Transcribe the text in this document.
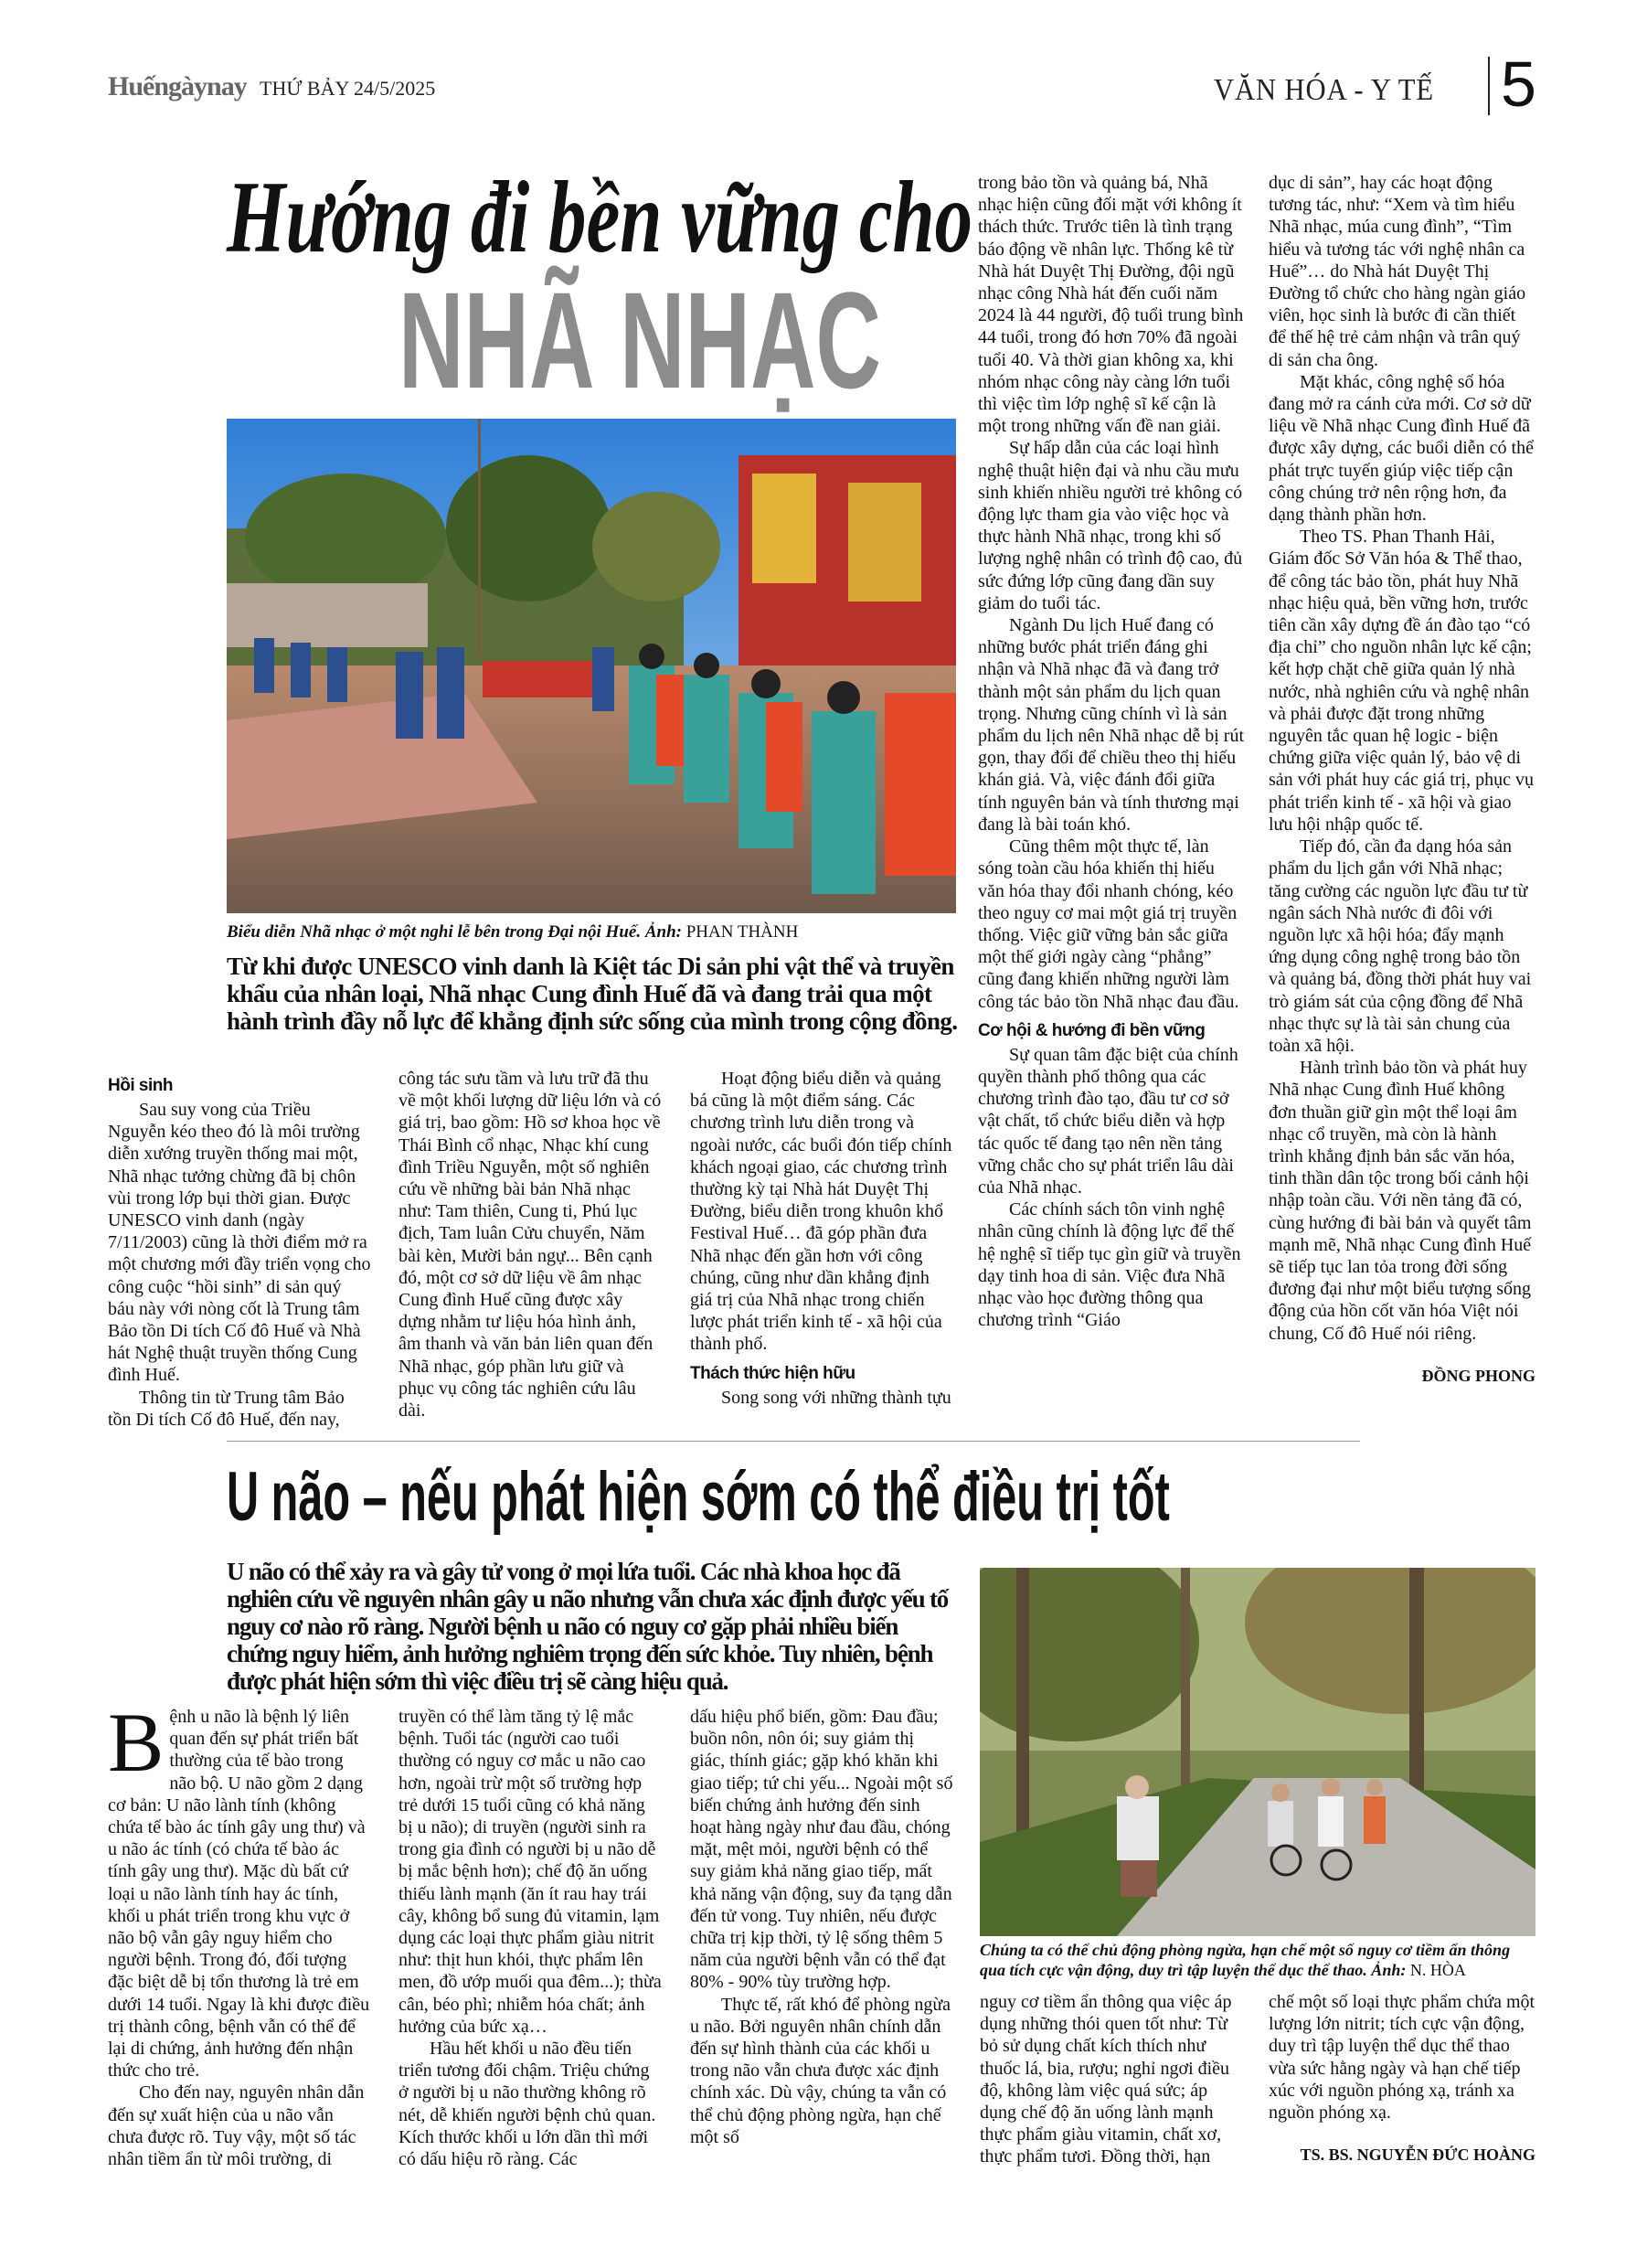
Huếngàynay THỨ BẢY 24/5/2025	VĂN HÓA - Y TẾ 5
Hướng đi bền vững cho
NHÃ NHẠC
Biểu diễn Nhã nhạc ở một nghi lễ bên trong Đại nội Huế. Ảnh: PHAN THÀNH
Từ khi được UNESCO vinh danh là Kiệt tác Di sản phi vật thể và truyền khẩu của nhân loại, Nhã nhạc Cung đình Huế đã và đang trải qua một hành trình đầy nỗ lực để khẳng định sức sống của mình trong cộng đồng.
Hồi sinh

Sau suy vong của Triều Nguyễn kéo theo đó là môi trường diễn xướng truyền thống mai một, Nhã nhạc tưởng chừng đã bị chôn vùi trong lớp bụi thời gian. Được UNESCO vinh danh (ngày 7/11/2003) cũng là thời điểm mở ra một chương mới đầy triển vọng cho công cuộc “hồi sinh” di sản quý báu này với nòng cốt là Trung tâm Bảo tồn Di tích Cố đô Huế và Nhà hát Nghệ thuật truyền thống Cung đình Huế.

Thông tin từ Trung tâm Bảo tồn Di tích Cố đô Huế, đến nay,

công tác sưu tầm và lưu trữ đã thu về một khối lượng dữ liệu lớn và có giá trị, bao gồm: Hồ sơ khoa học về Thái Bình cổ nhạc, Nhạc khí cung đình Triều Nguyễn, một số nghiên cứu về những bài bản Nhã nhạc như: Tam thiên, Cung ti, Phú lục địch, Tam luân Cửu chuyển, Năm bài kèn, Mười bản ngự... Bên cạnh đó, một cơ sở dữ liệu về âm nhạc Cung đình Huế cũng được xây dựng nhằm tư liệu hóa hình ảnh, âm thanh và văn bản liên quan đến Nhã nhạc, góp phần lưu giữ và phục vụ công tác nghiên cứu lâu dài.

Hoạt động biểu diễn và quảng bá cũng là một điểm sáng. Các chương trình lưu diễn trong và ngoài nước, các buổi đón tiếp chính khách ngoại giao, các chương trình thường kỳ tại Nhà hát Duyệt Thị Đường, biểu diễn trong khuôn khổ Festival Huế… đã góp phần đưa Nhã nhạc đến gần hơn với công chúng, cũng như dần khẳng định giá trị của Nhã nhạc trong chiến lược phát triển kinh tế - xã hội của thành phố.

Thách thức hiện hữu

Song song với những thành tựu

trong bảo tồn và quảng bá, Nhã nhạc hiện cũng đối mặt với không ít thách thức. Trước tiên là tình trạng báo động về nhân lực. Thống kê từ Nhà hát Duyệt Thị Đường, đội ngũ nhạc công Nhà hát đến cuối năm 2024 là 44 người, độ tuổi trung bình 44 tuổi, trong đó hơn 70% đã ngoài tuổi 40. Và thời gian không xa, khi nhóm nhạc công này càng lớn tuổi thì việc tìm lớp nghệ sĩ kế cận là một trong những vấn đề nan giải.

Sự hấp dẫn của các loại hình nghệ thuật hiện đại và nhu cầu mưu sinh khiến nhiều người trẻ không có động lực tham gia vào việc học và thực hành Nhã nhạc, trong khi số lượng nghệ nhân có trình độ cao, đủ sức đứng lớp cũng đang dần suy giảm do tuổi tác.

Ngành Du lịch Huế đang có những bước phát triển đáng ghi nhận và Nhã nhạc đã và đang trở thành một sản phẩm du lịch quan trọng. Nhưng cũng chính vì là sản phẩm du lịch nên Nhã nhạc dễ bị rút gọn, thay đổi để chiều theo thị hiếu khán giả. Và, việc đánh đổi giữa tính nguyên bản và tính thương mại đang là bài toán khó.

Cũng thêm một thực tế, làn sóng toàn cầu hóa khiến thị hiếu văn hóa thay đổi nhanh chóng, kéo theo nguy cơ mai một giá trị truyền thống. Việc giữ vững bản sắc giữa một thế giới ngày càng “phẳng” cũng đang khiến những người làm công tác bảo tồn Nhã nhạc đau đầu.

Cơ hội & hướng đi bền vững

Sự quan tâm đặc biệt của chính quyền thành phố thông qua các chương trình đào tạo, đầu tư cơ sở vật chất, tổ chức biểu diễn và hợp tác quốc tế đang tạo nên nền tảng vững chắc cho sự phát triển lâu dài của Nhã nhạc.

Các chính sách tôn vinh nghệ nhân cũng chính là động lực để thế hệ nghệ sĩ tiếp tục gìn giữ và truyền dạy tinh hoa di sản. Việc đưa Nhã nhạc vào học đường thông qua chương trình “Giáo

dục di sản”, hay các hoạt động tương tác, như: “Xem và tìm hiểu Nhã nhạc, múa cung đình”, “Tìm hiểu và tương tác với nghệ nhân ca Huế”… do Nhà hát Duyệt Thị Đường tổ chức cho hàng ngàn giáo viên, học sinh là bước đi cần thiết để thế hệ trẻ cảm nhận và trân quý di sản cha ông.

Mặt khác, công nghệ số hóa đang mở ra cánh cửa mới. Cơ sở dữ liệu về Nhã nhạc Cung đình Huế đã được xây dựng, các buổi diễn có thể phát trực tuyến giúp việc tiếp cận công chúng trở nên rộng hơn, đa dạng thành phần hơn.

Theo TS. Phan Thanh Hải, Giám đốc Sở Văn hóa & Thể thao, để công tác bảo tồn, phát huy Nhã nhạc hiệu quả, bền vững hơn, trước tiên cần xây dựng đề án đào tạo “có địa chỉ” cho nguồn nhân lực kế cận; kết hợp chặt chẽ giữa quản lý nhà nước, nhà nghiên cứu và nghệ nhân và phải được đặt trong những nguyên tắc quan hệ logic - biện chứng giữa việc quản lý, bảo vệ di sản với phát huy các giá trị, phục vụ phát triển kinh tế - xã hội và giao lưu hội nhập quốc tế.

Tiếp đó, cần đa dạng hóa sản phẩm du lịch gắn với Nhã nhạc; tăng cường các nguồn lực đầu tư từ ngân sách Nhà nước đi đôi với nguồn lực xã hội hóa; đẩy mạnh ứng dụng công nghệ trong bảo tồn và quảng bá, đồng thời phát huy vai trò giám sát của cộng đồng để Nhã nhạc thực sự là tài sản chung của toàn xã hội.

Hành trình bảo tồn và phát huy Nhã nhạc Cung đình Huế không đơn thuần giữ gìn một thể loại âm nhạc cổ truyền, mà còn là hành trình khẳng định bản sắc văn hóa, tinh thần dân tộc trong bối cảnh hội nhập toàn cầu. Với nền tảng đã có, cùng hướng đi bài bản và quyết tâm mạnh mẽ, Nhã nhạc Cung đình Huế sẽ tiếp tục lan tỏa trong đời sống đương đại như một biểu tượng sống động của hồn cốt văn hóa Việt nói chung, Cố đô Huế nói riêng.

ĐỒNG PHONG

U não – nếu phát hiện sớm có thể điều trị tốt
U não có thể xảy ra và gây tử vong ở mọi lứa tuổi. Các nhà khoa học đã nghiên cứu về nguyên nhân gây u não nhưng vẫn chưa xác định được yếu tố nguy cơ nào rõ ràng. Người bệnh u não có nguy cơ gặp phải nhiều biến chứng nguy hiểm, ảnh hưởng nghiêm trọng đến sức khỏe. Tuy nhiên, bệnh được phát hiện sớm thì việc điều trị sẽ càng hiệu quả.
Chúng ta có thể chủ động phòng ngừa, hạn chế một số nguy cơ tiềm ẩn thông qua tích cực vận động, duy trì tập luyện thể dục thể thao. Ảnh: N. HÒA

Bệnh u não là bệnh lý liên quan đến sự phát triển bất thường của tế bào trong não bộ. U não gồm 2 dạng cơ bản: U não lành tính (không chứa tế bào ác tính gây ung thư) và u não ác tính (có chứa tế bào ác tính gây ung thư). Mặc dù bất cứ loại u não lành tính hay ác tính, khối u phát triển trong khu vực ở não bộ vẫn gây nguy hiểm cho người bệnh. Trong đó, đối tượng đặc biệt dễ bị tổn thương là trẻ em dưới 14 tuổi. Ngay là khi được điều trị thành công, bệnh vẫn có thể để lại di chứng, ảnh hưởng đến nhận thức cho trẻ.

Cho đến nay, nguyên nhân dẫn đến sự xuất hiện của u não vẫn chưa được rõ. Tuy vậy, một số tác nhân tiềm ẩn từ môi trường, di

truyền có thể làm tăng tỷ lệ mắc bệnh. Tuổi tác (người cao tuổi thường có nguy cơ mắc u não cao hơn, ngoài trừ một số trường hợp trẻ dưới 15 tuổi cũng có khả năng bị u não); di truyền (người sinh ra trong gia đình có người bị u não dễ bị mắc bệnh hơn); chế độ ăn uống thiếu lành mạnh (ăn ít rau hay trái cây, không bổ sung đủ vitamin, lạm dụng các loại thực phẩm giàu nitrit như: thịt hun khói, thực phẩm lên men, đồ ướp muối qua đêm...); thừa cân, béo phì; nhiễm hóa chất; ảnh hưởng của bức xạ…

Hầu hết khối u não đều tiến triển tương đối chậm. Triệu chứng ở người bị u não thường không rõ nét, dễ khiến người bệnh chủ quan. Kích thước khối u lớn dần thì mới có dấu hiệu rõ ràng. Các

dấu hiệu phổ biến, gồm: Đau đầu; buồn nôn, nôn ói; suy giảm thị giác, thính giác; gặp khó khăn khi giao tiếp; tứ chi yếu... Ngoài một số biến chứng ảnh hưởng đến sinh hoạt hàng ngày như đau đầu, chóng mặt, mệt mỏi, người bệnh có thể suy giảm khả năng giao tiếp, mất khả năng vận động, suy đa tạng dẫn đến tử vong. Tuy nhiên, nếu được chữa trị kịp thời, tỷ lệ sống thêm 5 năm của người bệnh vẫn có thể đạt 80% - 90% tùy trường hợp.

Thực tế, rất khó để phòng ngừa u não. Bởi nguyên nhân chính dẫn đến sự hình thành của các khối u trong não vẫn chưa được xác định chính xác. Dù vậy, chúng ta vẫn có thể chủ động phòng ngừa, hạn chế một số

nguy cơ tiềm ẩn thông qua việc áp dụng những thói quen tốt như: Từ bỏ sử dụng chất kích thích như thuốc lá, bia, rượu; nghỉ ngơi điều độ, không làm việc quá sức; áp dụng chế độ ăn uống lành mạnh thực phẩm giàu vitamin, chất xơ, thực phẩm tươi. Đồng thời, hạn

chế một số loại thực phẩm chứa một lượng lớn nitrit; tích cực vận động, duy trì tập luyện thể dục thể thao vừa sức hằng ngày và hạn chế tiếp xúc với nguồn phóng xạ, tránh xa nguồn phóng xạ.

TS. BS. NGUYỄN ĐỨC HOÀNG
